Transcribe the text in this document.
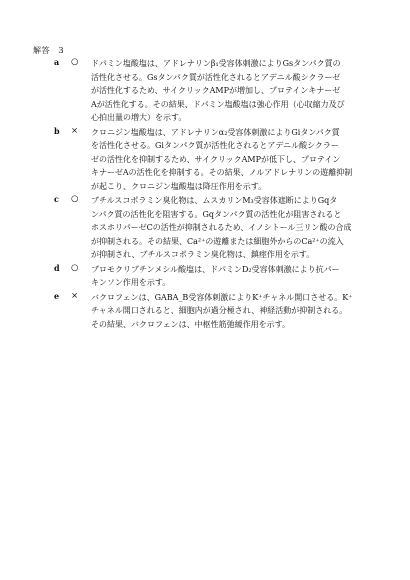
解答　3
a ○ ドパミン塩酸塩は、アドレナリンβ₁受容体刺激によりGsタンパク質の
活性化させる。Gsタンパク質が活性化されるとアデニル酸シクラーゼ
が活性化するため、サイクリックAMPが増加し、プロテインキナーゼ
Aが活性化する。その結果、ドパミン塩酸塩は強心作用（心収縮力及び
心拍出量の増大）を示す。
b × クロニジン塩酸塩は、アドレナリンα₂受容体刺激によりGiタンパク質
を活性化させる。Giタンパク質が活性化されるとアデニル酸シクラー
ゼの活性化を抑制するため、サイクリックAMPが低下し、プロテイン
キナーゼAの活性化を抑制する。その結果、ノルアドレナリンの遊離抑制
が起こり、クロニジン塩酸塩は降圧作用を示す。
c ○ ブチルスコポラミン臭化物は、ムスカリンM₃受容体遮断によりGqタ
ンパク質の活性化を阻害する。Gqタンパク質の活性化が阻害されると
ホスホリパーゼCの活性が抑制されるため、イノシトール三リン酸の合成
が抑制される。その結果、Ca²⁺の遊離または細胞外からのCa²⁺の流入
が抑制され、ブチルスコポラミン臭化物は、鎮痙作用を示す。
d ○ ブロモクリプチンメシル酸塩は、ドパミンD₂受容体刺激により抗パー
キンソン作用を示す。
e × バクロフェンは、GABA_B受容体刺激によりK⁺チャネル開口させる。K⁺
チャネル開口されると、細胞内が過分極され、神経活動が抑制される。
その結果、バクロフェンは、中枢性筋弛緩作用を示す。
